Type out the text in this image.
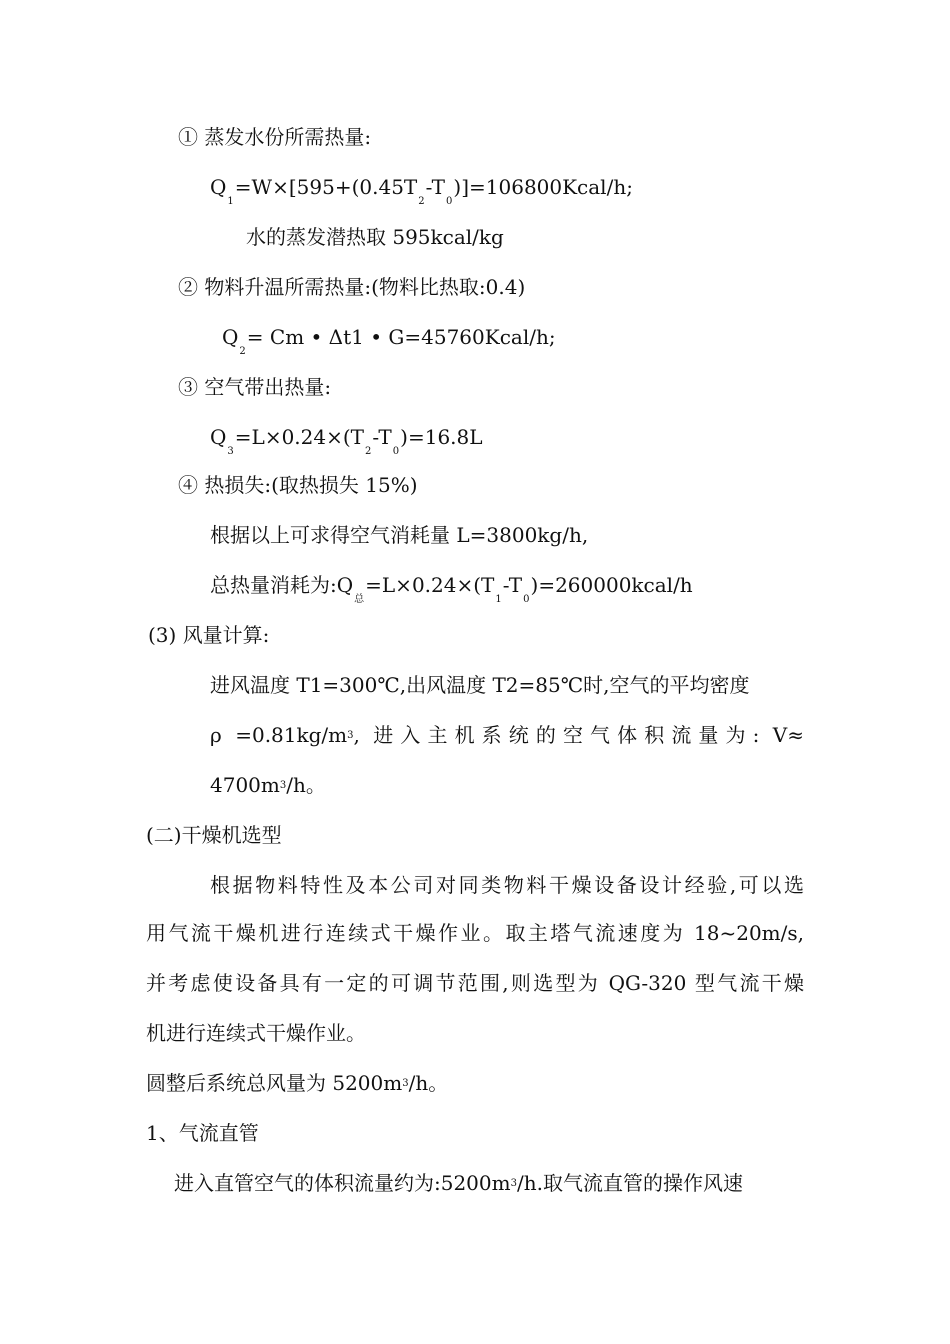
① 蒸发水份所需热量:
$Q_1=W\times[595+(0.45T_2-T_0)]=106800Kcal/h$;
水的蒸发潜热取 595kcal/kg
② 物料升温所需热量:(物料比热取:0.4)
$Q_2= Cm$ • Δt1 • G=45760Kcal/h;
③ 空气带出热量:
$Q_3=L\times 0.24\times(T_2-T_0)=16.8L$
④ 热损失:(取热损失 15%)
根据以上可求得空气消耗量 L=3800kg/h,
总热量消耗为$:Q_总=L\times 0.24\times(T_1-T_0)=260000kcal/h$
(3) 风量计算:
进风温度 T1=300℃,出风温度 T2=85℃时,空气的平均密度
$\rho =0.81kg/m^3$, 进入主机系统的空气体积流量为: V≈
$4700m^3/h$。
(二)干燥机选型
根据物料特性及本公司对同类物料干燥设备设计经验,可以选
用气流干燥机进行连续式干燥作业。取主塔气流速度为 18~20m/s,
并考虑使设备具有一定的可调节范围,则选型为 QG-320 型气流干燥
机进行连续式干燥作业。
圆整后系统总风量为 $5200m^3/h$。
1、气流直管
进入直管空气的体积流量约为$:5200m^3/h$.取气流直管的操作风速
